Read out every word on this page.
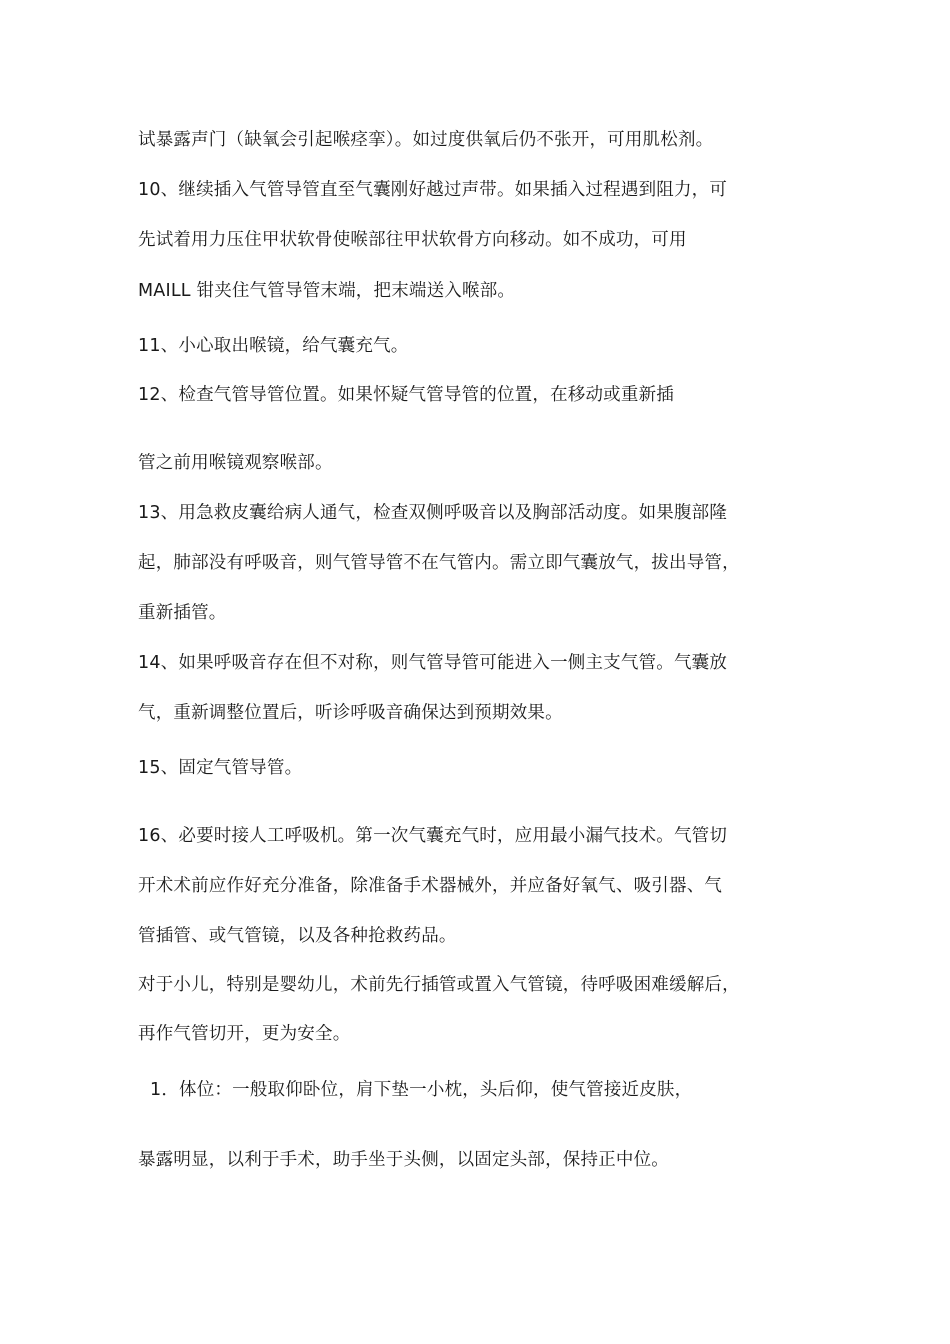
试暴露声门（缺氧会引起喉痉挛）。如过度供氧后仍不张开，可用肌松剂。
10、继续插入气管导管直至气囊刚好越过声带。如果插入过程遇到阻力，可
先试着用力压住甲状软骨使喉部往甲状软骨方向移动。如不成功，可用
MAILL 钳夹住气管导管末端，把末端送入喉部。
11、小心取出喉镜，给气囊充气。
12、检查气管导管位置。如果怀疑气管导管的位置，在移动或重新插
管之前用喉镜观察喉部。
13、用急救皮囊给病人通气，检查双侧呼吸音以及胸部活动度。如果腹部隆
起，肺部没有呼吸音，则气管导管不在气管内。需立即气囊放气，拔出导管，
重新插管。
14、如果呼吸音存在但不对称，则气管导管可能进入一侧主支气管。气囊放
气，重新调整位置后，听诊呼吸音确保达到预期效果。
15、固定气管导管。
16、必要时接人工呼吸机。第一次气囊充气时，应用最小漏气技术。气管切
开术术前应作好充分准备，除准备手术器械外，并应备好氧气、吸引器、气
管插管、或气管镜，以及各种抢救药品。
对于小儿，特别是婴幼儿，术前先行插管或置入气管镜，待呼吸困难缓解后，
再作气管切开，更为安全。
1．体位：一般取仰卧位，肩下垫一小枕，头后仰，使气管接近皮肤，
暴露明显，以利于手术，助手坐于头侧，以固定头部，保持正中位。
